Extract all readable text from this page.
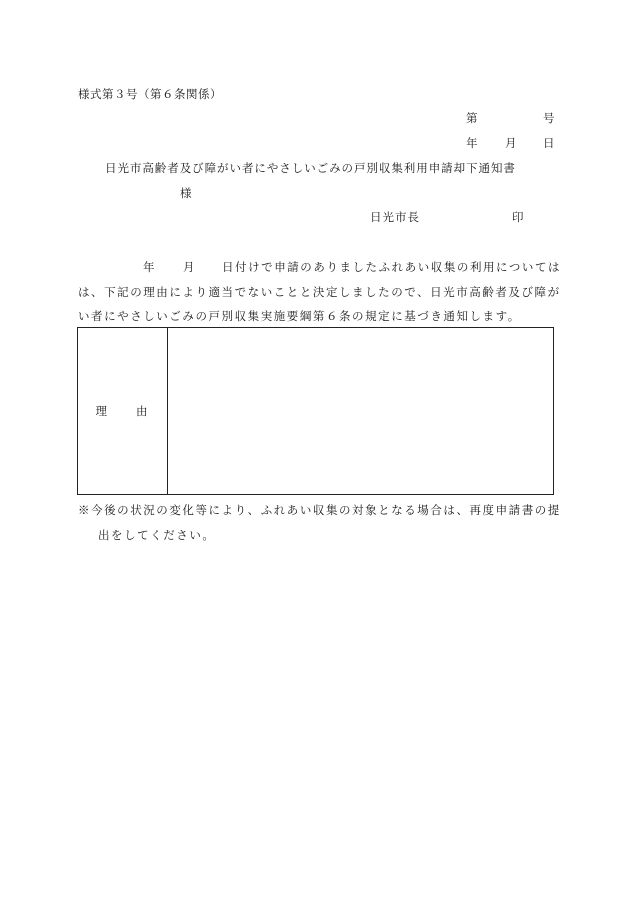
様式第３号（第６条関係）
第	号
年 月 日
日光市高齢者及び障がい者にやさしいごみの戸別収集利用申請却下通知書
様
日光市長	印
年 月 日付けで申請のありましたふれあい収集の利用については
は、下記の理由により適当でないことと決定しましたので、日光市高齢者及び障が
い者にやさしいごみの戸別収集実施要綱第６条の規定に基づき通知します。
理　　由
※今後の状況の変化等により、ふれあい収集の対象となる場合は、再度申請書の提
出をしてください。
